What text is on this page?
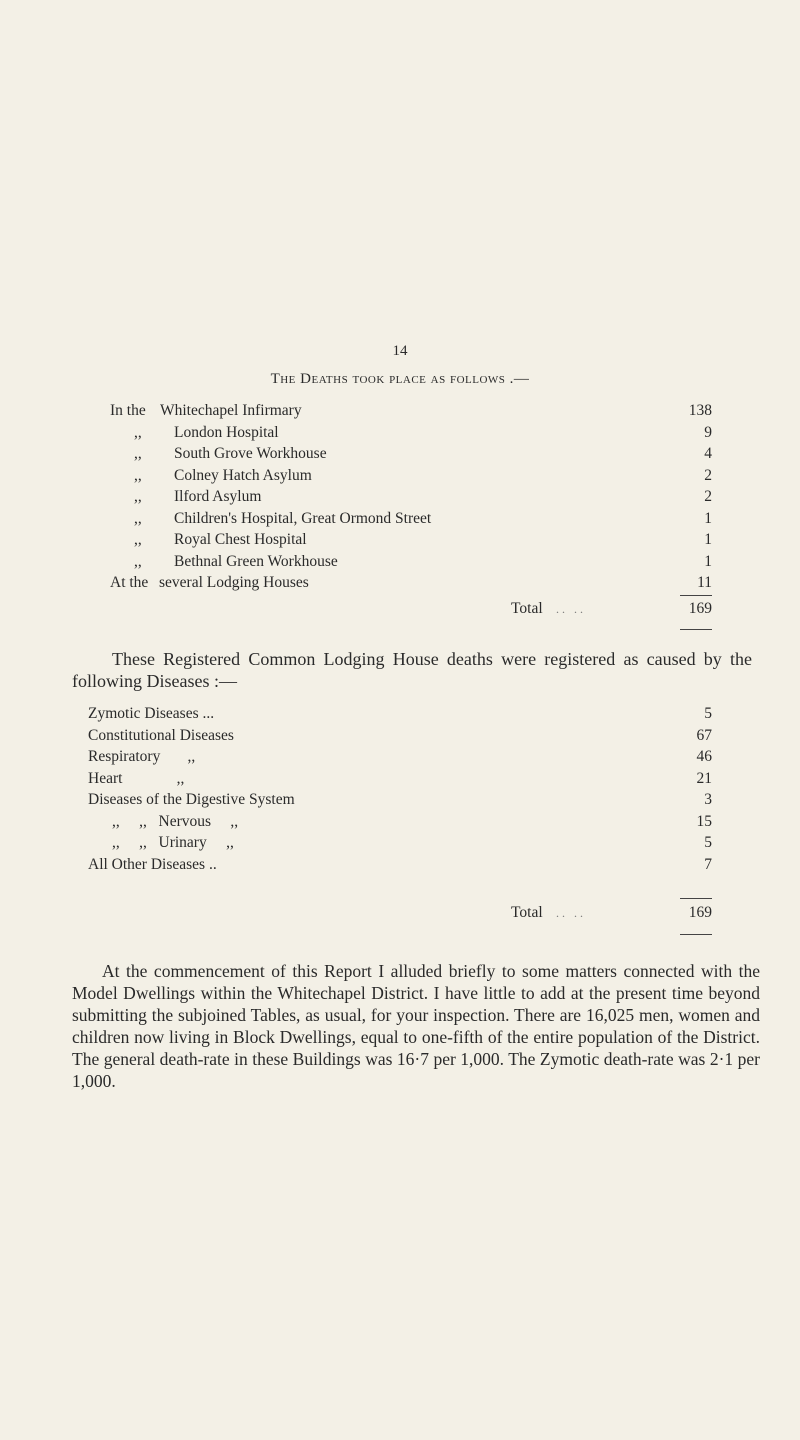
14
The Deaths took place as follows .—
In the Whitechapel Infirmary	138
,, London Hospital	9
,, South Grove Workhouse	4
,, Colney Hatch Asylum	2
,, Ilford Asylum	2
,, Children's Hospital, Great Ormond Street	1
,, Royal Chest Hospital	1
,, Bethnal Green Workhouse	1
At the several Lodging Houses	11
Total .. ..	169
These Registered Common Lodging House deaths were registered as caused by the following Diseases :—
Zymotic Diseases ...	5
Constitutional Diseases	67
Respiratory       ,,	46
Heart              ,,	21
Diseases of the Digestive System	3
,,     ,,   Nervous     ,,	15
,,     ,,   Urinary     ,,	5
All Other Diseases ..	7
Total .. ..	169
At the commencement of this Report I alluded briefly to some matters connected with the Model Dwellings within the Whitechapel District. I have little to add at the present time beyond submitting the subjoined Tables, as usual, for your inspection. There are 16,025 men, women and children now living in Block Dwellings, equal to one-fifth of the entire population of the District. The general death-rate in these Buildings was 16·7 per 1,000. The Zymotic death-rate was 2·1 per 1,000.
